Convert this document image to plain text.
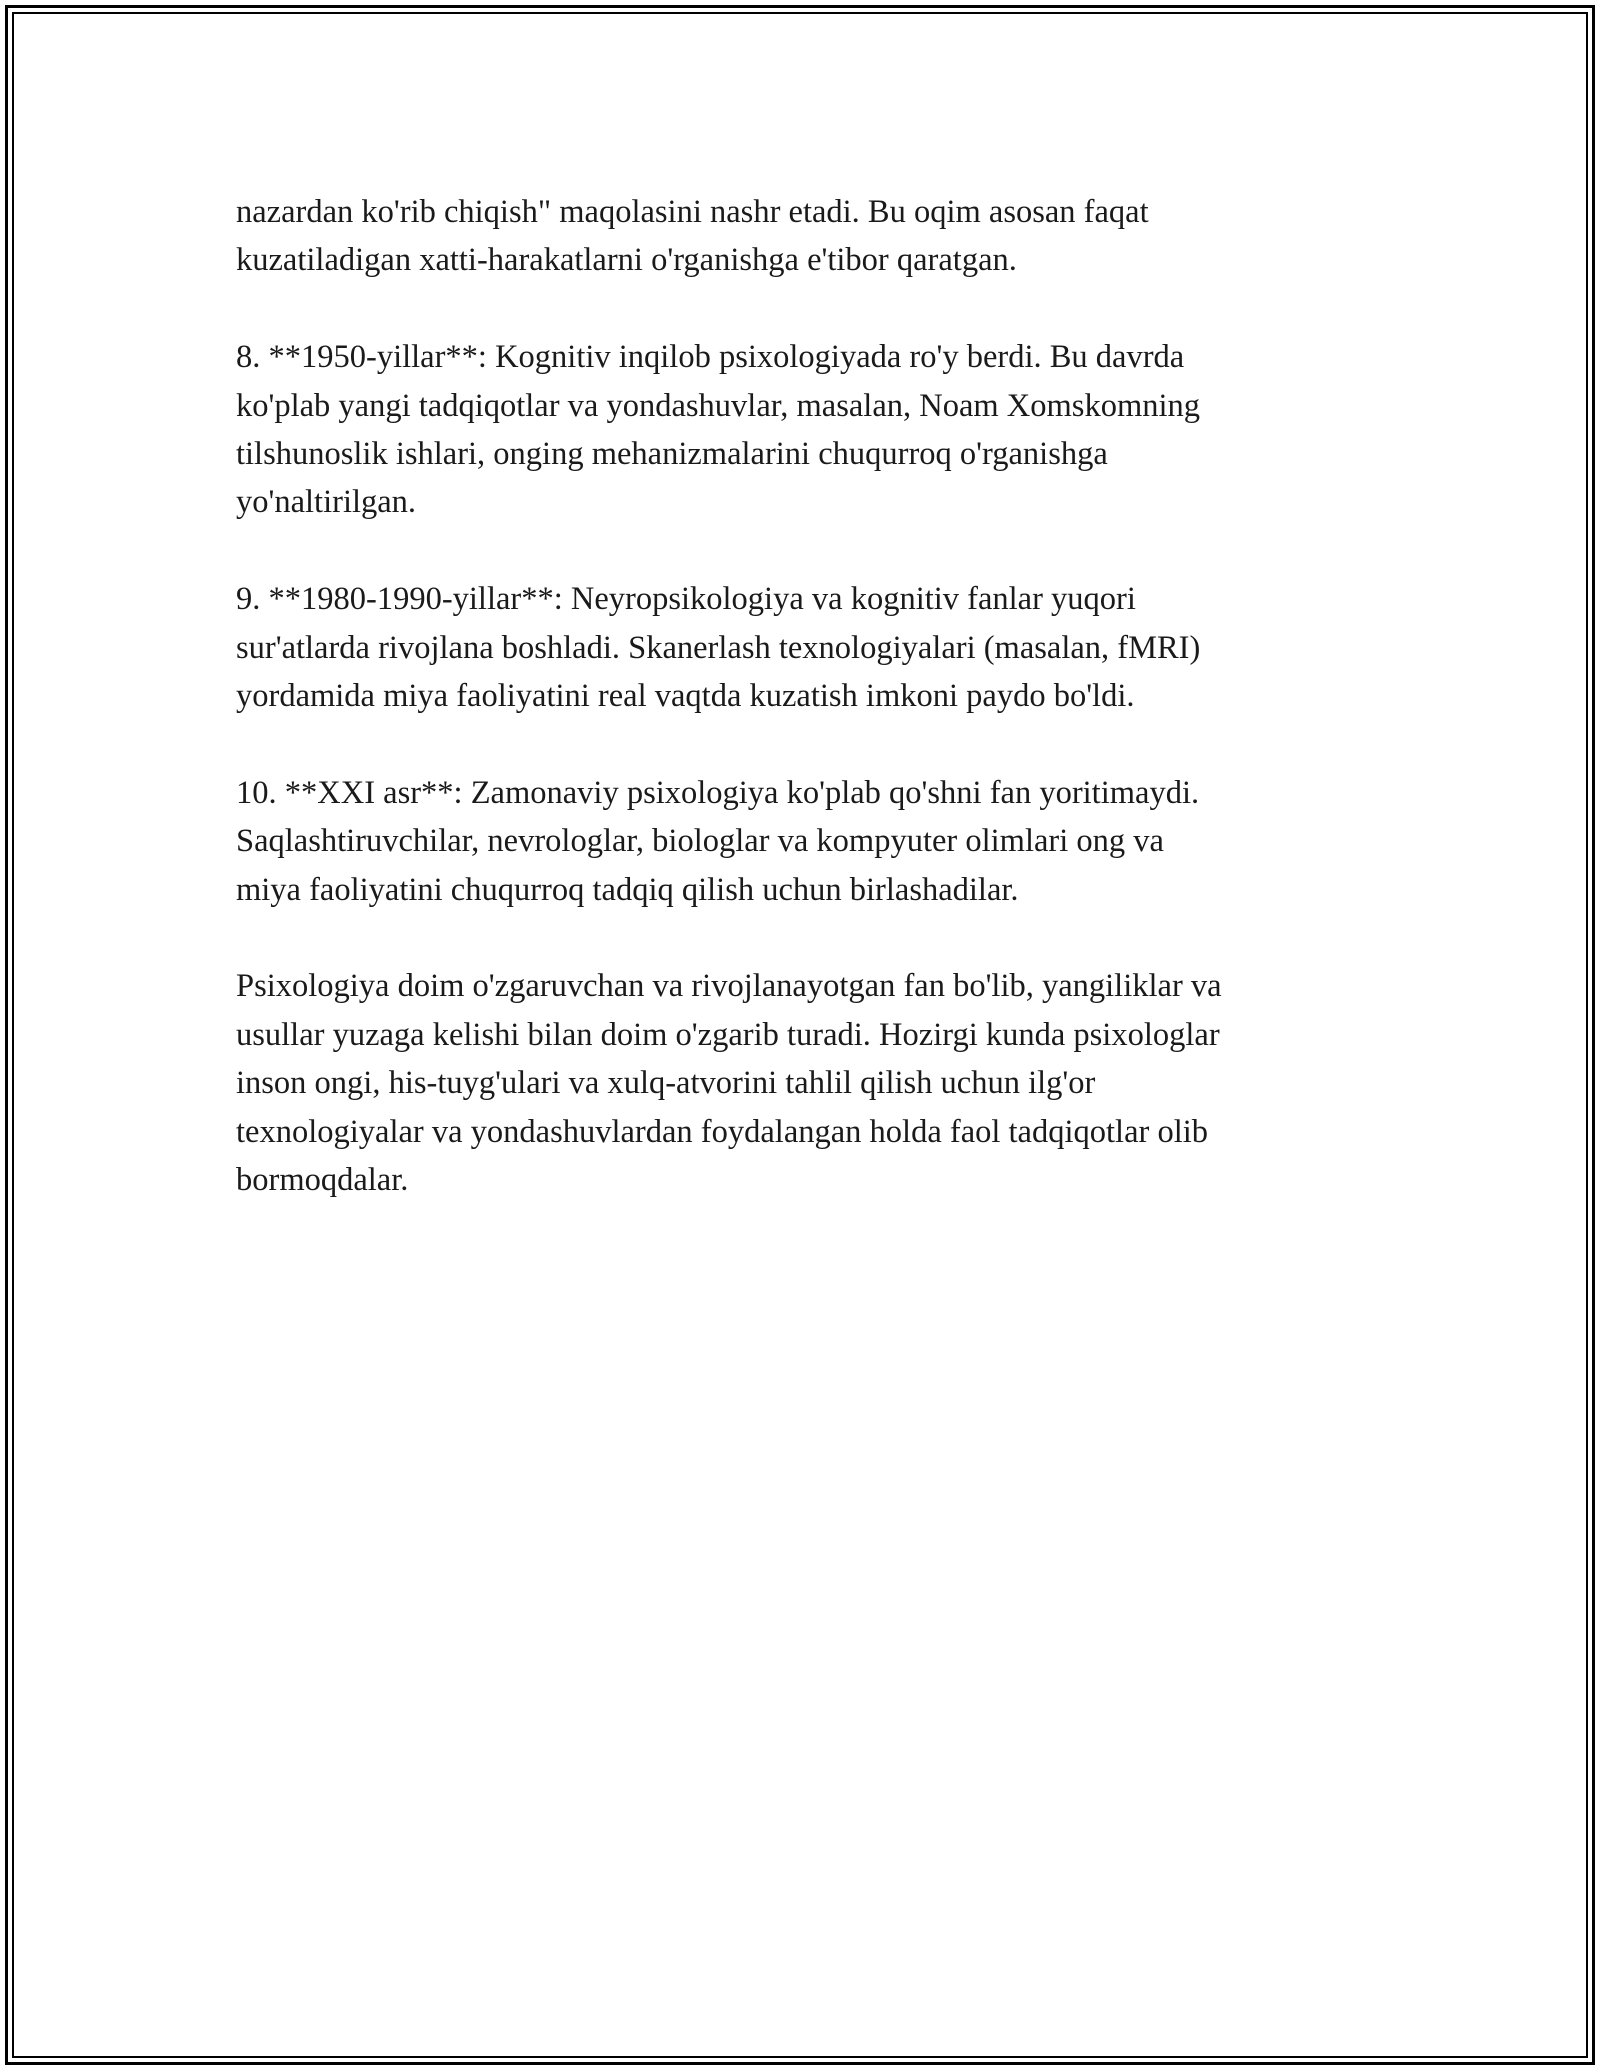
nazardan ko'rib chiqish" maqolasini nashr etadi. Bu oqim asosan faqat
kuzatiladigan xatti-harakatlarni o'rganishga e'tibor qaratgan.

8. **1950-yillar**: Kognitiv inqilob psixologiyada ro'y berdi. Bu davrda
ko'plab yangi tadqiqotlar va yondashuvlar, masalan, Noam Xomskomning
tilshunoslik ishlari, onging mehanizmalarini chuqurroq o'rganishga
yo'naltirilgan.

9. **1980-1990-yillar**: Neyropsikologiya va kognitiv fanlar yuqori
sur'atlarda rivojlana boshladi. Skanerlash texnologiyalari (masalan, fMRI)
yordamida miya faoliyatini real vaqtda kuzatish imkoni paydo bo'ldi.

10. **XXI asr**: Zamonaviy psixologiya ko'plab qo'shni fan yoritimaydi.
Saqlashtiruvchilar, nevrologlar, biologlar va kompyuter olimlari ong va
miya faoliyatini chuqurroq tadqiq qilish uchun birlashadilar.

Psixologiya doim o'zgaruvchan va rivojlanayotgan fan bo'lib, yangiliklar va
usullar yuzaga kelishi bilan doim o'zgarib turadi. Hozirgi kunda psixologlar
inson ongi, his-tuyg'ulari va xulq-atvorini tahlil qilish uchun ilg'or
texnologiyalar va yondashuvlardan foydalangan holda faol tadqiqotlar olib
bormoqdalar.
